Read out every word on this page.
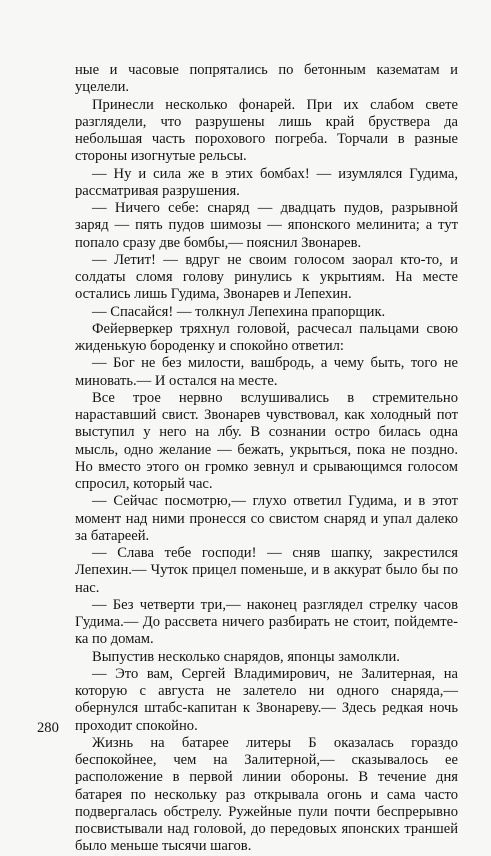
ные и часовые попрятались по бетонным казематам и уцелели.

Принесли несколько фонарей. При их слабом свете разглядели, что разрушены лишь край бруствера да небольшая часть порохового погреба. Торчали в разные стороны изогнутые рельсы.

— Ну и сила же в этих бомбах! — изумлялся Гудима, рассматривая разрушения.

— Ничего себе: снаряд — двадцать пудов, разрывной заряд — пять пудов шимозы — японского мелинита; а тут попало сразу две бомбы,— пояснил Звонарев.

— Летит! — вдруг не своим голосом заорал кто-то, и солдаты сломя голову ринулись к укрытиям. На месте остались лишь Гудима, Звонарев и Лепехин.

— Спасайся! — толкнул Лепехина прапорщик.

Фейерверкер тряхнул головой, расчесал пальцами свою жиденькую бороденку и спокойно ответил:

— Бог не без милости, вашбродь, а чему быть, того не миновать.— И остался на месте.

Все трое нервно вслушивались в стремительно нараставший свист. Звонарев чувствовал, как холодный пот выступил у него на лбу. В сознании остро билась одна мысль, одно желание — бежать, укрыться, пока не поздно. Но вместо этого он громко зевнул и срывающимся голосом спросил, который час.

— Сейчас посмотрю,— глухо ответил Гудима, и в этот момент над ними пронесся со свистом снаряд и упал далеко за батареей.

— Слава тебе господи! — сняв шапку, закрестился Лепехин.— Чуток прицел поменьше, и в аккурат было бы по нас.

— Без четверти три,— наконец разглядел стрелку часов Гудима.— До рассвета ничего разбирать не стоит, пойдемте-ка по домам.

Выпустив несколько снарядов, японцы замолкли.

— Это вам, Сергей Владимирович, не Залитерная, на которую с августа не залетело ни одного снаряда,— обернулся штабс-капитан к Звонареву.— Здесь редкая ночь проходит спокойно.

Жизнь на батарее литеры Б оказалась гораздо беспокойнее, чем на Залитерной,— сказывалось ее расположение в первой линии обороны. В течение дня батарея по нескольку раз открывала огонь и сама часто подвергалась обстрелу. Ружейные пули почти беспрерывно посвистывали над головой, до передовых японских траншей было меньше тысячи шагов.

280
